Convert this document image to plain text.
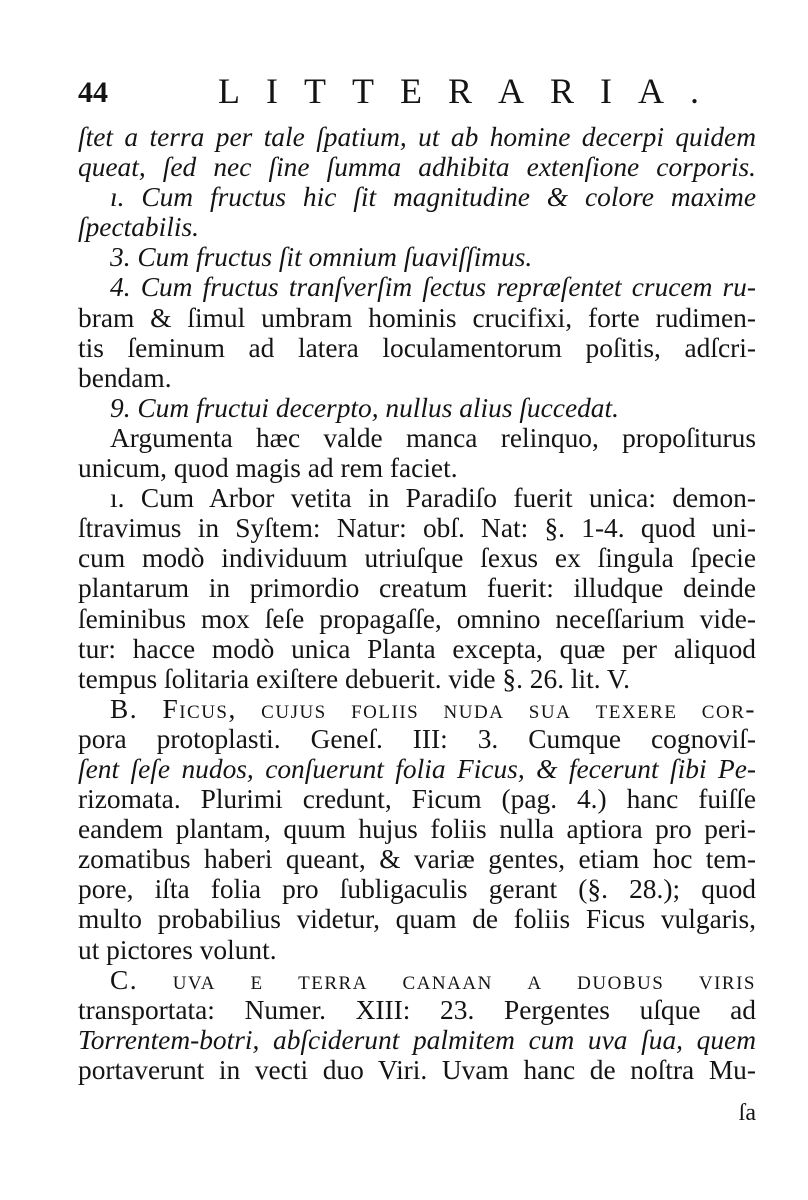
44	LITTERARIA.
ſtet a terra per tale ſpatium, ut ab homine decerpi quidem
queat, ſed nec ſine ſumma adhibita extenſione corporis.
ı. Cum fructus hic ſit magnitudine & colore maxime
ſpectabilis.
3. Cum fructus ſit omnium ſuaviſſimus.
4. Cum fructus tranſverſim ſectus repræſentet crucem ru-
bram & ſimul umbram hominis crucifixi, forte rudimen-
tis ſeminum ad latera loculamentorum poſitis, adſcri-
bendam.
9. Cum fructui decerpto, nullus alius ſuccedat.
Argumenta hæc valde manca relinquo, propoſiturus
unicum, quod magis ad rem faciet.
ı. Cum Arbor vetita in Paradiſo fuerit unica: demon-
ſtravimus in Syſtem: Natur: obſ. Nat: §. 1-4. quod uni-
cum modò individuum utriuſque ſexus ex ſingula ſpecie
plantarum in primordio creatum fuerit: illudque deinde
ſeminibus mox ſeſe propagaſſe, omnino neceſſarium vide-
tur: hacce modò unica Planta excepta, quæ per aliquod
tempus ſolitaria exiſtere debuerit. vide §. 26. lit. V.
B. Ficus, cujus foliis nuda sua texere cor-
pora protoplasti. Geneſ. III: 3. Cumque cognoviſ-
ſent ſeſe nudos, conſuerunt folia Ficus, & fecerunt ſibi Pe-
rizomata. Plurimi credunt, Ficum (pag. 4.) hanc fuiſſe
eandem plantam, quum hujus foliis nulla aptiora pro peri-
zomatibus haberi queant, & variæ gentes, etiam hoc tem-
pore, iſta folia pro ſubligaculis gerant (§. 28.); quod
multo probabilius videtur, quam de foliis Ficus vulgaris,
ut pictores volunt.
C. uva e terra canaan a duobus viris
transportata: Numer. XIII: 23. Pergentes uſque ad
Torrentem-botri, abſciderunt palmitem cum uva ſua, quem
portaverunt in vecti duo Viri. Uvam hanc de noſtra Mu-
ſa
